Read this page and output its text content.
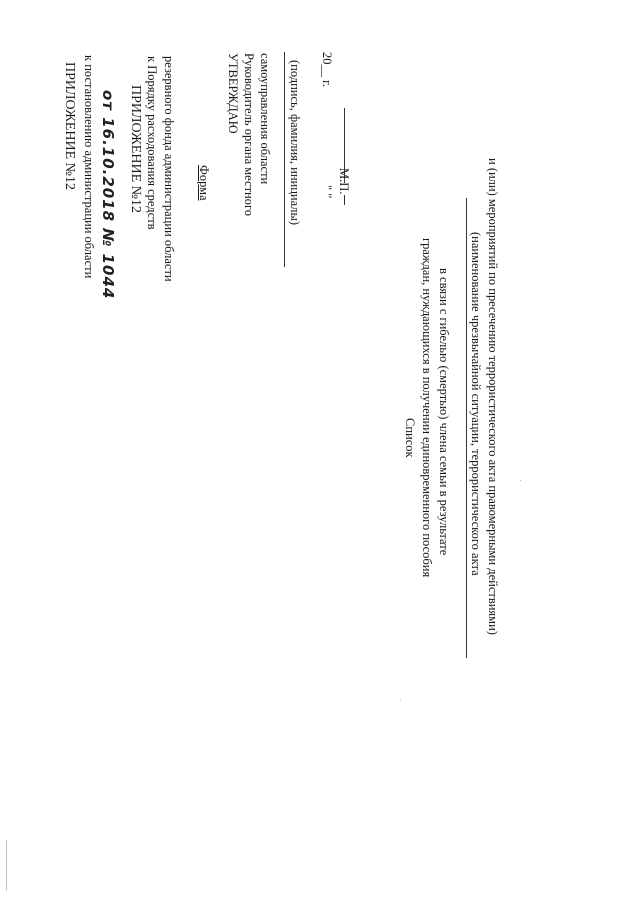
ПРИЛОЖЕНИЕ №12 к постановлению администрации области от 16.10.2018 № 1044 ПРИЛОЖЕНИЕ №12 к Порядку расходования средств резервного фонда администрации области Форма
УТВЕРЖДАЮ Руководитель органа местного самоуправления области (подпись, фамилия, инициалы) " "
20__ г.
М.П.
Список граждан, нуждающихся в получении единовременного пособия в связи с гибелью (смертью) члена семьи в результате (наименование чрезвычайной ситуации, террористического акта и (или) мероприятий по пресечению террористического акта правомерными действиями)
